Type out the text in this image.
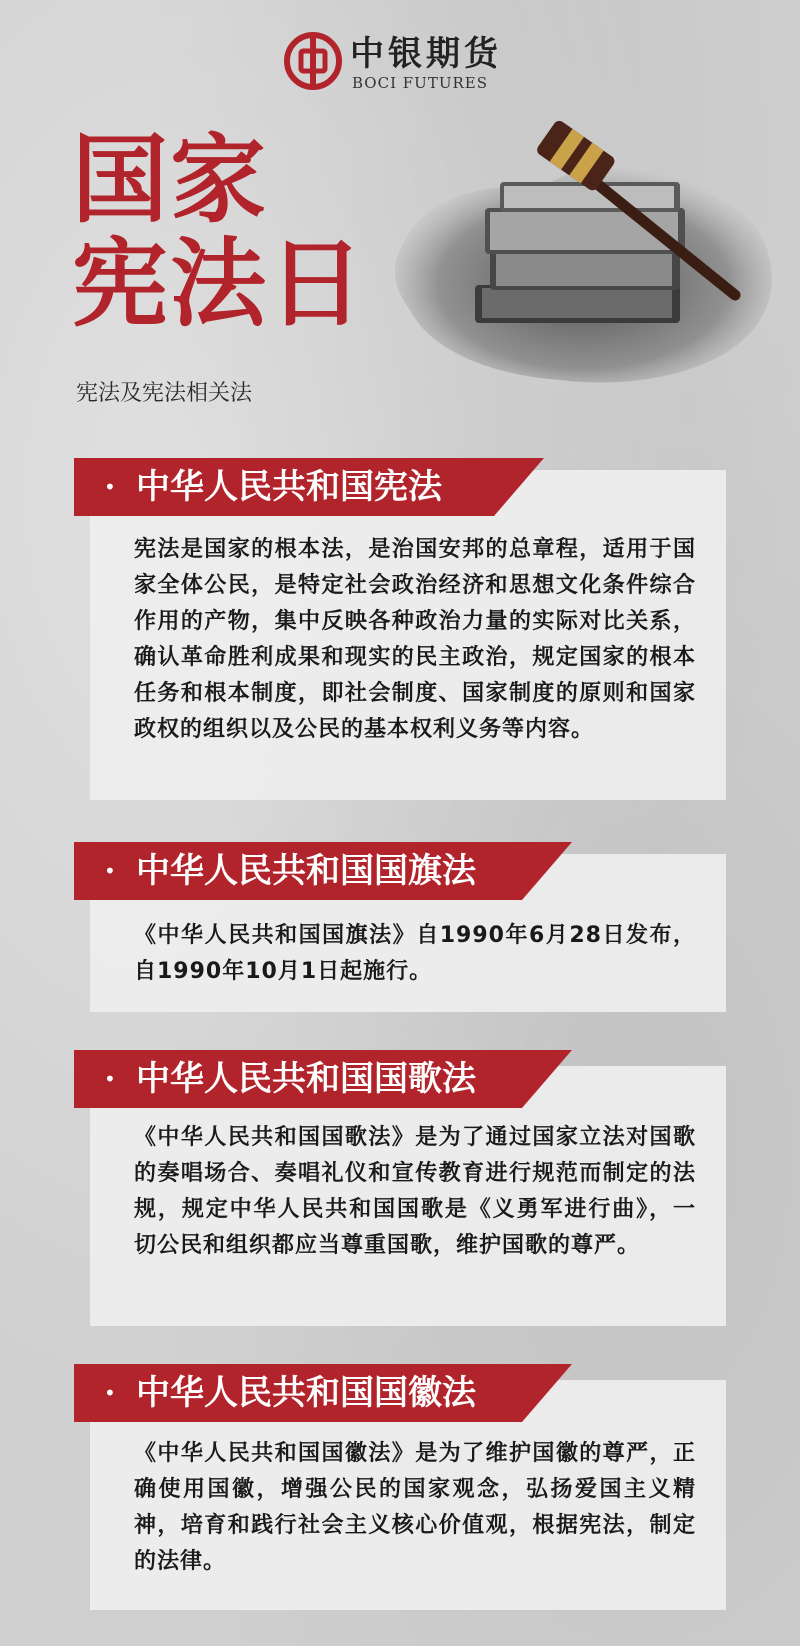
中银期货
BOCI FUTURES
国家
宪法日
宪法及宪法相关法

宪法是国家的根本法，是治国安邦的总章程，适用于国家全体公民，是特定社会政治经济和思想文化条件综合作用的产物，集中反映各种政治力量的实际对比关系，确认革命胜利成果和现实的民主政治，规定国家的根本任务和根本制度，即社会制度、国家制度的原则和国家政权的组织以及公民的基本权利义务等内容。

• 中华人民共和国宪法

《中华人民共和国国旗法》自1990年6月28日发布，自1990年10月1日起施行。

• 中华人民共和国国旗法

《中华人民共和国国歌法》是为了通过国家立法对国歌的奏唱场合、奏唱礼仪和宣传教育进行规范而制定的法规，规定中华人民共和国国歌是《义勇军进行曲》，一切公民和组织都应当尊重国歌，维护国歌的尊严。

• 中华人民共和国国歌法

《中华人民共和国国徽法》是为了维护国徽的尊严，正确使用国徽，增强公民的国家观念，弘扬爱国主义精神，培育和践行社会主义核心价值观，根据宪法，制定的法律。

• 中华人民共和国国徽法
